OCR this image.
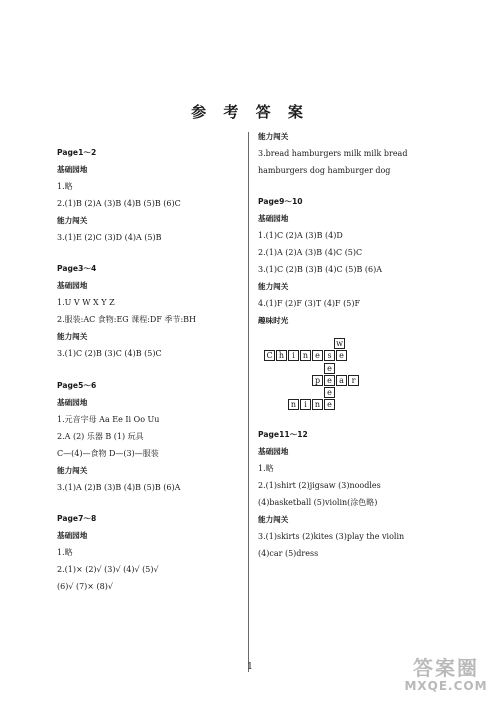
参 考 答 案
Page1～2
基础园地
1.略
2.(1)B (2)A (3)B (4)B (5)B (6)C
能力闯关
3.(1)E (2)C (3)D (4)A (5)B
Page3～4
基础园地
1.U V W X Y Z
2.服装:AC 食物:EG 课程:DF 季节:BH
能力闯关
3.(1)C (2)B (3)C (4)B (5)C
Page5～6
基础园地
1.元音字母 Aa Ee Ii Oo Uu
2.A (2) 乐器 B (1) 玩具
C—(4)—食物 D—(3)—服装
能力闯关
3.(1)A (2)B (3)B (4)B (5)B (6)A
Page7～8
基础园地
1.略
2.(1)× (2)√ (3)√ (4)√ (5)√
(6)√ (7)× (8)√
能力闯关
3.bread hamburgers milk milk bread
hamburgers dog hamburger dog
Page9～10
基础园地
1.(1)C (2)A (3)B (4)D
2.(1)A (2)A (3)B (4)C (5)C
3.(1)C (2)B (3)B (4)C (5)B (6)A
能力闯关
4.(1)F (2)F (3)T (4)F (5)F
趣味时光
Page11～12
基础园地
1.略
2.(1)shirt (2)jigsaw (3)noodles
(4)basketball (5)violin(涂色略)
能力闯关
3.(1)skirts (2)kites (3)play the violin
(4)car (5)dress
w
C h	i	n e s e
e
p e a r
e
n	i	n e
1	答案圈
MXQE.COM
